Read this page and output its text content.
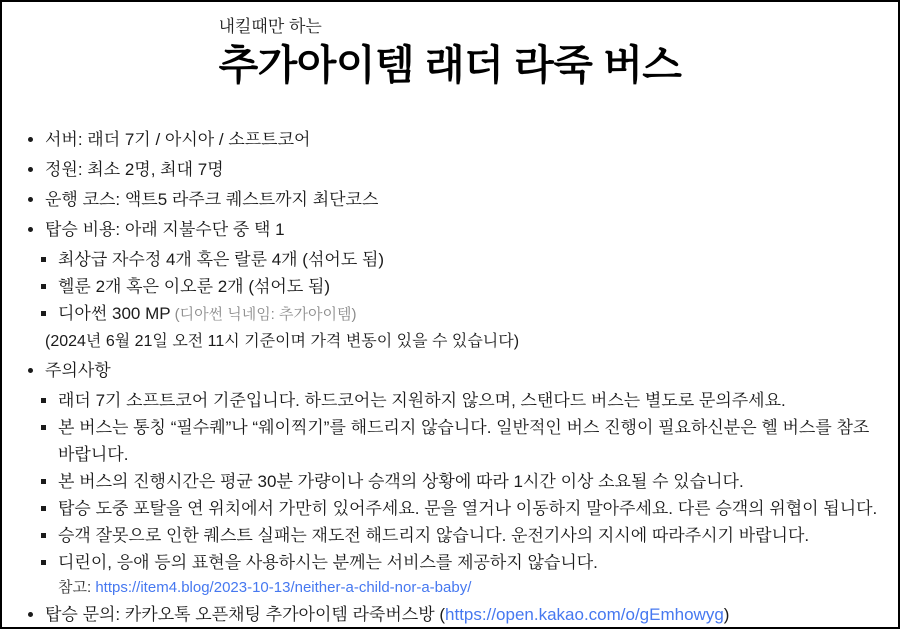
내킬때만 하는
추가아이템 래더 라죽 버스
• 서버: 래더 7기 / 아시아 / 소프트코어
• 정원: 최소 2명, 최대 7명
• 운행 코스: 액트5 라주크 퀘스트까지 최단코스
• 탑승 비용: 아래 지불수단 중 택 1
▪ 최상급 자수정 4개 혹은 랄룬 4개 (섞어도 됨)
▪ 헬룬 2개 혹은 이오룬 2개 (섞어도 됨)
▪ 디아썬 300 MP (디아썬 닉네임: 추가아이템)
(2024년 6월 21일 오전 11시 기준이며 가격 변동이 있을 수 있습니다)
• 주의사항
▪ 래더 7기 소프트코어 기준입니다. 하드코어는 지원하지 않으며, 스탠다드 버스는 별도로 문의주세요.
▪ 본 버스는 통칭 “필수퀘”나 “웨이찍기”를 해드리지 않습니다. 일반적인 버스 진행이 필요하신분은 헬 버스를 참조바랍니다.
▪ 본 버스의 진행시간은 평균 30분 가량이나 승객의 상황에 따라 1시간 이상 소요될 수 있습니다.
▪ 탑승 도중 포탈을 연 위치에서 가만히 있어주세요. 문을 열거나 이동하지 말아주세요. 다른 승객의 위협이 됩니다.
▪ 승객 잘못으로 인한 퀘스트 실패는 재도전 해드리지 않습니다. 운전기사의 지시에 따라주시기 바랍니다.
▪ 디린이, 응애 등의 표현을 사용하시는 분께는 서비스를 제공하지 않습니다.
참고: https://item4.blog/2023-10-13/neither-a-child-nor-a-baby/
• 탑승 문의: 카카오톡 오픈채팅 추가아이템 라죽버스방 (https://open.kakao.com/o/gEmhowyg)
